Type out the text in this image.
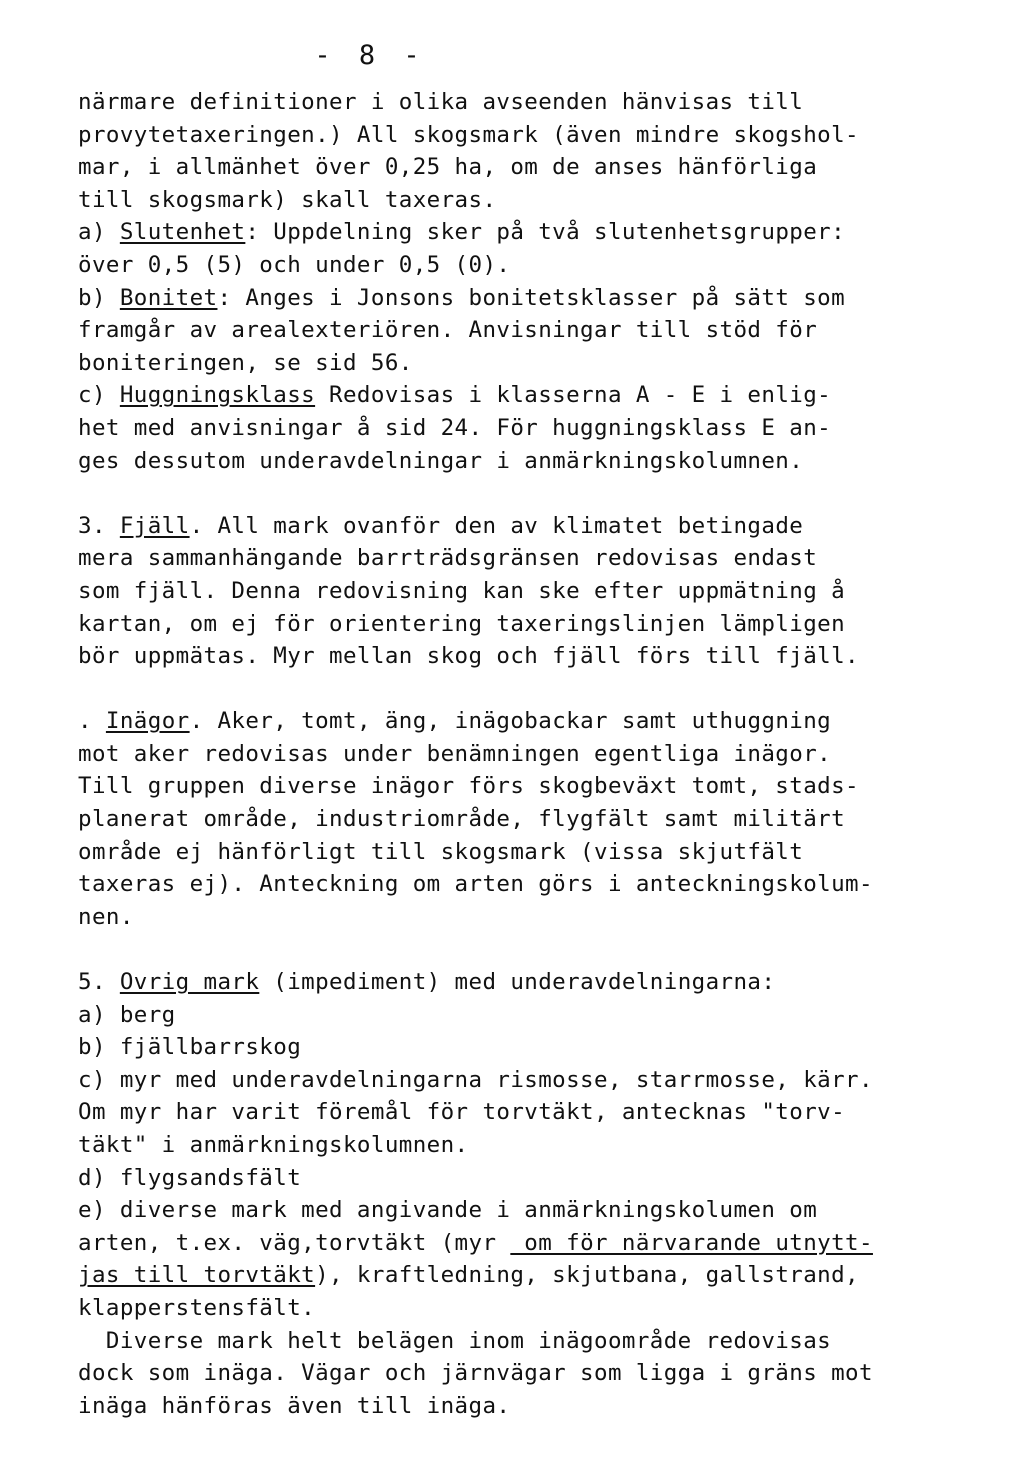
- 8 -
närmare definitioner i olika avseenden hänvisas till
provytetaxeringen.) All skogsmark (även mindre skogshol-
mar, i allmänhet över 0,25 ha, om de anses hänförliga
till skogsmark) skall taxeras.
a) Slutenhet: Uppdelning sker på två slutenhetsgrupper:
över 0,5 (5) och under 0,5 (0).
b) Bonitet: Anges i Jonsons bonitetsklasser på sätt som
framgår av arealexteriören. Anvisningar till stöd för
boniteringen, se sid 56.
c) Huggningsklass Redovisas i klasserna A - E i enlig-
het med anvisningar å sid 24. För huggningsklass E an-
ges dessutom underavdelningar i anmärkningskolumnen.
3. Fjäll. All mark ovanför den av klimatet betingade
mera sammanhängande barrträdsgränsen redovisas endast
som fjäll. Denna redovisning kan ske efter uppmätning å
kartan, om ej för orientering taxeringslinjen lämpligen
bör uppmätas. Myr mellan skog och fjäll förs till fjäll.
. Inägor. Aker, tomt, äng, inägobackar samt uthuggning
mot aker redovisas under benämningen egentliga inägor.
Till gruppen diverse inägor förs skogbeväxt tomt, stads-
planerat område, industriområde, flygfält samt militärt
område ej hänförligt till skogsmark (vissa skjutfält
taxeras ej). Anteckning om arten görs i anteckningskolum-
nen.
5. Ovrig mark (impediment) med underavdelningarna:
a) berg
b) fjällbarrskog
c) myr med underavdelningarna rismosse, starrmosse, kärr.
Om myr har varit föremål för torvtäkt, antecknas "torv-
täkt" i anmärkningskolumnen.
d) flygsandsfält
e) diverse mark med angivande i anmärkningskolumen om
arten, t.ex. väg,torvtäkt (myr  om för närvarande utnytt-
jas till torvtäkt), kraftledning, skjutbana, gallstrand,
klapperstensfält.
Diverse mark helt belägen inom inägoområde redovisas
dock som inäga. Vägar och järnvägar som ligga i gräns mot
inäga hänföras även till inäga.
